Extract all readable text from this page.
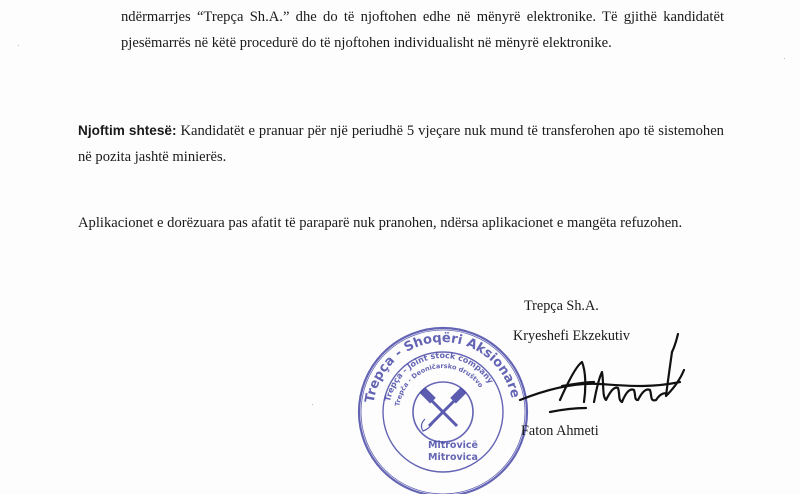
ndërmarrjes “Trepça Sh.A.” dhe do të njoftohen edhe në mënyrë elektronike. Të gjithë kandidatët pjesëmarrës në këtë procedurë do të njoftohen individualisht në mënyrë elektronike.

Njoftim shtesë: Kandidatët e pranuar për një periudhë 5 vjeçare nuk mund të transferohen apo të sistemohen në pozita jashtë minierës.

Aplikacionet e dorëzuara pas afatit të paraparë nuk pranohen, ndërsa aplikacionet e mangëta refuzohen.

Trepça Sh.A.
Kryeshefi Ekzekutiv
Trepça - Shoqëri Aksionare
Trepça - Joint stock company
Trepča - Deoničarsko društvo
Mitrovicë
Mitrovica
Faton Ahmeti
